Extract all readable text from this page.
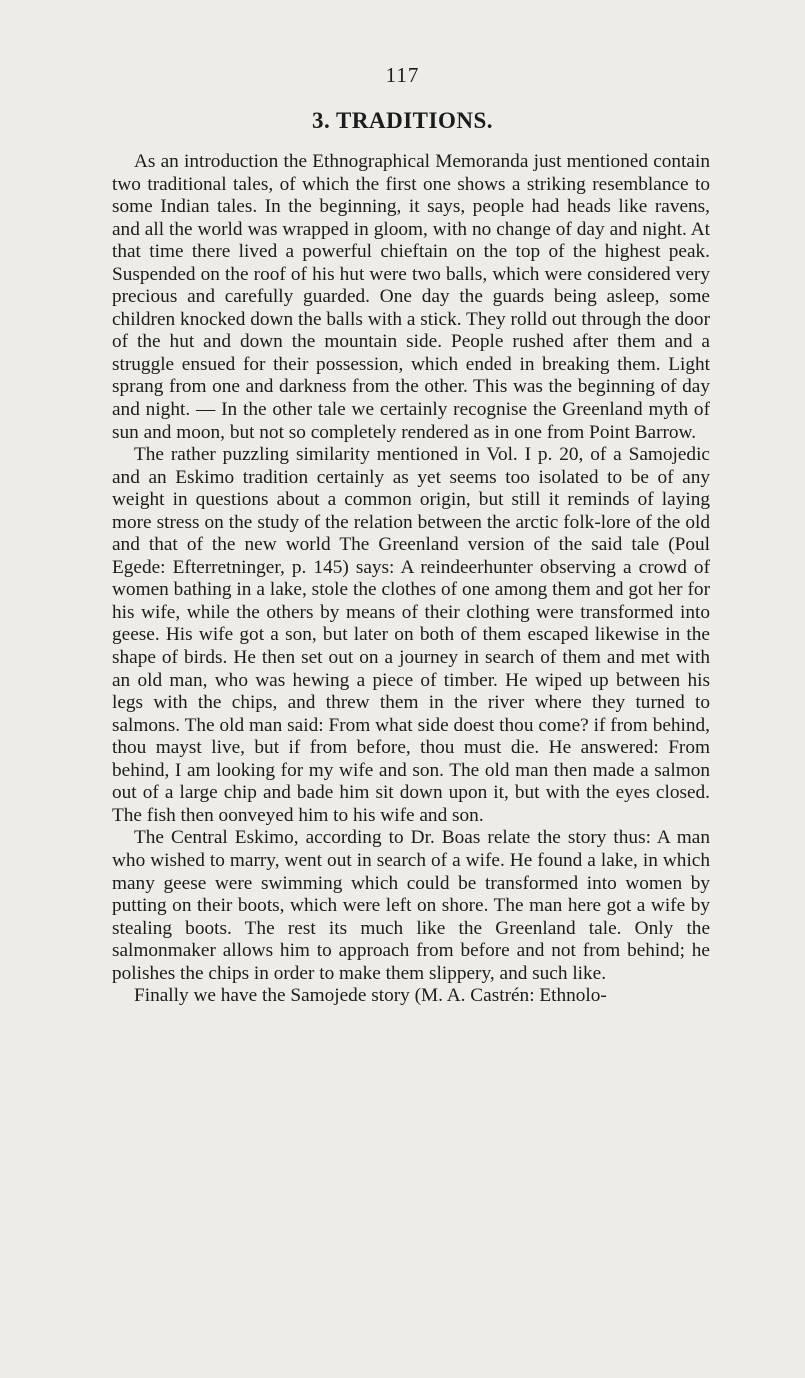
117
3. TRADITIONS.

As an introduction the Ethnographical Memoranda just mentioned contain two traditional tales, of which the first one shows a striking resemblance to some Indian tales. In the beginning, it says, people had heads like ravens, and all the world was wrapped in gloom, with no change of day and night. At that time there lived a powerful chieftain on the top of the highest peak. Suspended on the roof of his hut were two balls, which were considered very precious and carefully guarded. One day the guards being asleep, some children knocked down the balls with a stick. They rolld out through the door of the hut and down the mountain side. People rushed after them and a struggle ensued for their possession, which ended in breaking them. Light sprang from one and darkness from the other. This was the beginning of day and night. — In the other tale we certainly recognise the Greenland myth of sun and moon, but not so completely rendered as in one from Point Barrow.

The rather puzzling similarity mentioned in Vol. I p. 20, of a Samojedic and an Eskimo tradition certainly as yet seems too isolated to be of any weight in questions about a common origin, but still it reminds of laying more stress on the study of the relation between the arctic folk-lore of the old and that of the new world The Greenland version of the said tale (Poul Egede: Efterretninger, p. 145) says: A reindeerhunter observing a crowd of women bathing in a lake, stole the clothes of one among them and got her for his wife, while the others by means of their clothing were transformed into geese. His wife got a son, but later on both of them escaped likewise in the shape of birds. He then set out on a journey in search of them and met with an old man, who was hewing a piece of timber. He wiped up between his legs with the chips, and threw them in the river where they turned to salmons. The old man said: From what side doest thou come? if from behind, thou mayst live, but if from before, thou must die. He answered: From behind, I am looking for my wife and son. The old man then made a salmon out of a large chip and bade him sit down upon it, but with the eyes closed. The fish then oonveyed him to his wife and son.

The Central Eskimo, according to Dr. Boas relate the story thus: A man who wished to marry, went out in search of a wife. He found a lake, in which many geese were swimming which could be transformed into women by putting on their boots, which were left on shore. The man here got a wife by stealing boots. The rest its much like the Greenland tale. Only the salmonmaker allows him to approach from before and not from behind; he polishes the chips in order to make them slippery, and such like.

Finally we have the Samojede story (M. A. Castrén: Ethnolo-
